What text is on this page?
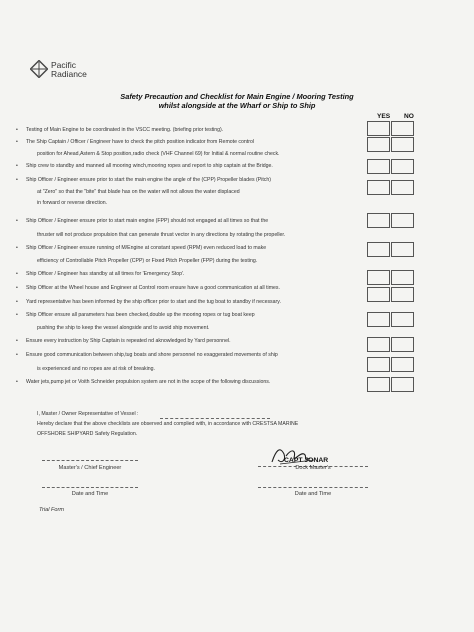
Pacific
Radiance
Safety Precaution and Checklist for Main Engine / Mooring Testing
whilst alongside at the Wharf or Ship to Ship
YES NO
• Testing of Main Engine to be coordinated in the VSCC meeting. (briefing prior testing).
• The Ship Captain / Officer / Engineer have to check the pitch position indicator from Remote control
position for Ahead,Astern & Stop position,radio check (VHF Channel 69) for Initial & normal routine check.
• Ship crew to standby and manned all mooring winch,mooring ropes and report to ship captain at the Bridge.
• Ship Officer / Engineer ensure prior to start the main engine the angle of the (CPP) Propeller blades (Pitch)
at "Zero" so that the "bite" that blade has on the water will not allows the water displaced
in forward or reverse direction.
• Ship Officer / Engineer ensure prior to start main engine (FPP) should not engaged at all times so that the
thruster will not produce propulsion that can generate thrust vector in any directions by rotating the propeller.
• Ship Officer / Engineer ensure running of M/Engine at constant speed (RPM) even reduced load to make
efficiency of Controllable Pitch Propeller (CPP) or Fixed Pitch Propeller (FPP) during the testing.
• Ship Officer / Engineer has standby at all times for 'Emergency Stop'.
• Ship Officer at the Wheel house and Engineer at Control room ensure have a good communication at all times.
• Yard representative has been informed by the ship officer prior to start and the tug boat to standby if necessary.
• Ship Officer ensure all parameters has been checked,double up the mooring ropes or tug boat keep
pushing the ship to keep the vessel alongside and to avoid ship movement.
• Ensure every instruction by Ship Captain is repeated nd aknowledged by Yard personnel.
• Ensure good communication between ship,tug boats and shore personnel no exaggerated movements of ship
is experienced and no ropes are at risk of breaking.
• Water jets,pump jet or Voith Schneider propulsion system are not in the scope of the following discussions.
I, Master / Owner Representative of Vessel :
Hereby declare that the above checklists are observed and complied with, in accordance with CRESTSA MARINE
OFFSHORE SHIPYARD Safety Regulation.
CAPT JONAR
Master's / Chief Engineer	Dock Master's
Date and Time	Date and Time
Trial Form
